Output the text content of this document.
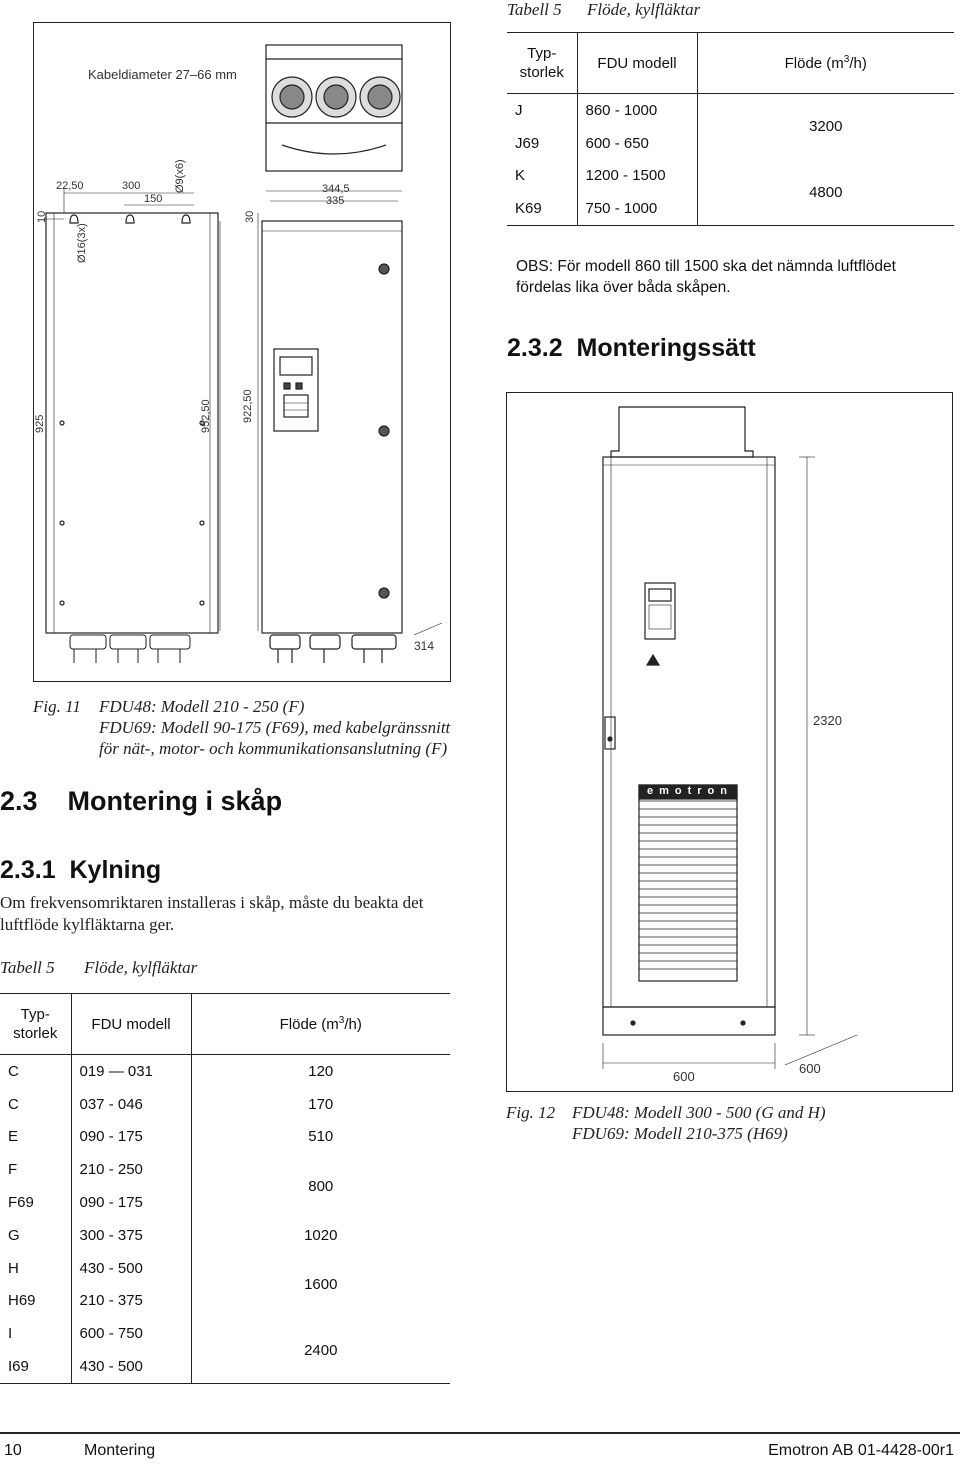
Kabeldiameter 27–66 mm
22,50	300
150
Ø9(x6)
10
Ø16(3x)
30
344,5
335
925	952,50	922,50
314
Fig. 11 FDU48: Modell 210 - 250 (F)
FDU69: Modell 90-175 (F69), med kabelgränssnitt
för nät-, motor- och kommunikationsanslutning (F)
Tabell 5 Flöde, kylfläktar
Typ-
storlek	FDU modell	Flöde $(m^3/h)$
J	860 - 1000	3200
J69	600 - 650	
K	1200 - 1500	4800
K69	750 - 1000	
OBS: För modell 860 till 1500 ska det nämnda luftflödet fördelas lika över båda skåpen.
2.3.2  Monteringssätt
emotron
2320
600
600
Fig. 12 FDU48: Modell 300 - 500 (G and H)
FDU69: Modell 210-375 (H69)
2.3    Montering i skåp
2.3.1  Kylning
Om frekvensomriktaren installeras i skåp, måste du beakta det luftflöde kylfläktarna ger.
Tabell 5 Flöde, kylfläktar
Typ-
storlek	FDU modell	Flöde $(m^3/h)$
C	019 — 031	120
C	037 - 046	170
E	090 - 175	510
F	210 - 250	800
F69	090 - 175	
G	300 - 375	1020
H	430 - 500	1600
H69	210 - 375	
I	600 - 750	2400
I69	430 - 500	
10	Montering	Emotron AB 01-4428-00r1
